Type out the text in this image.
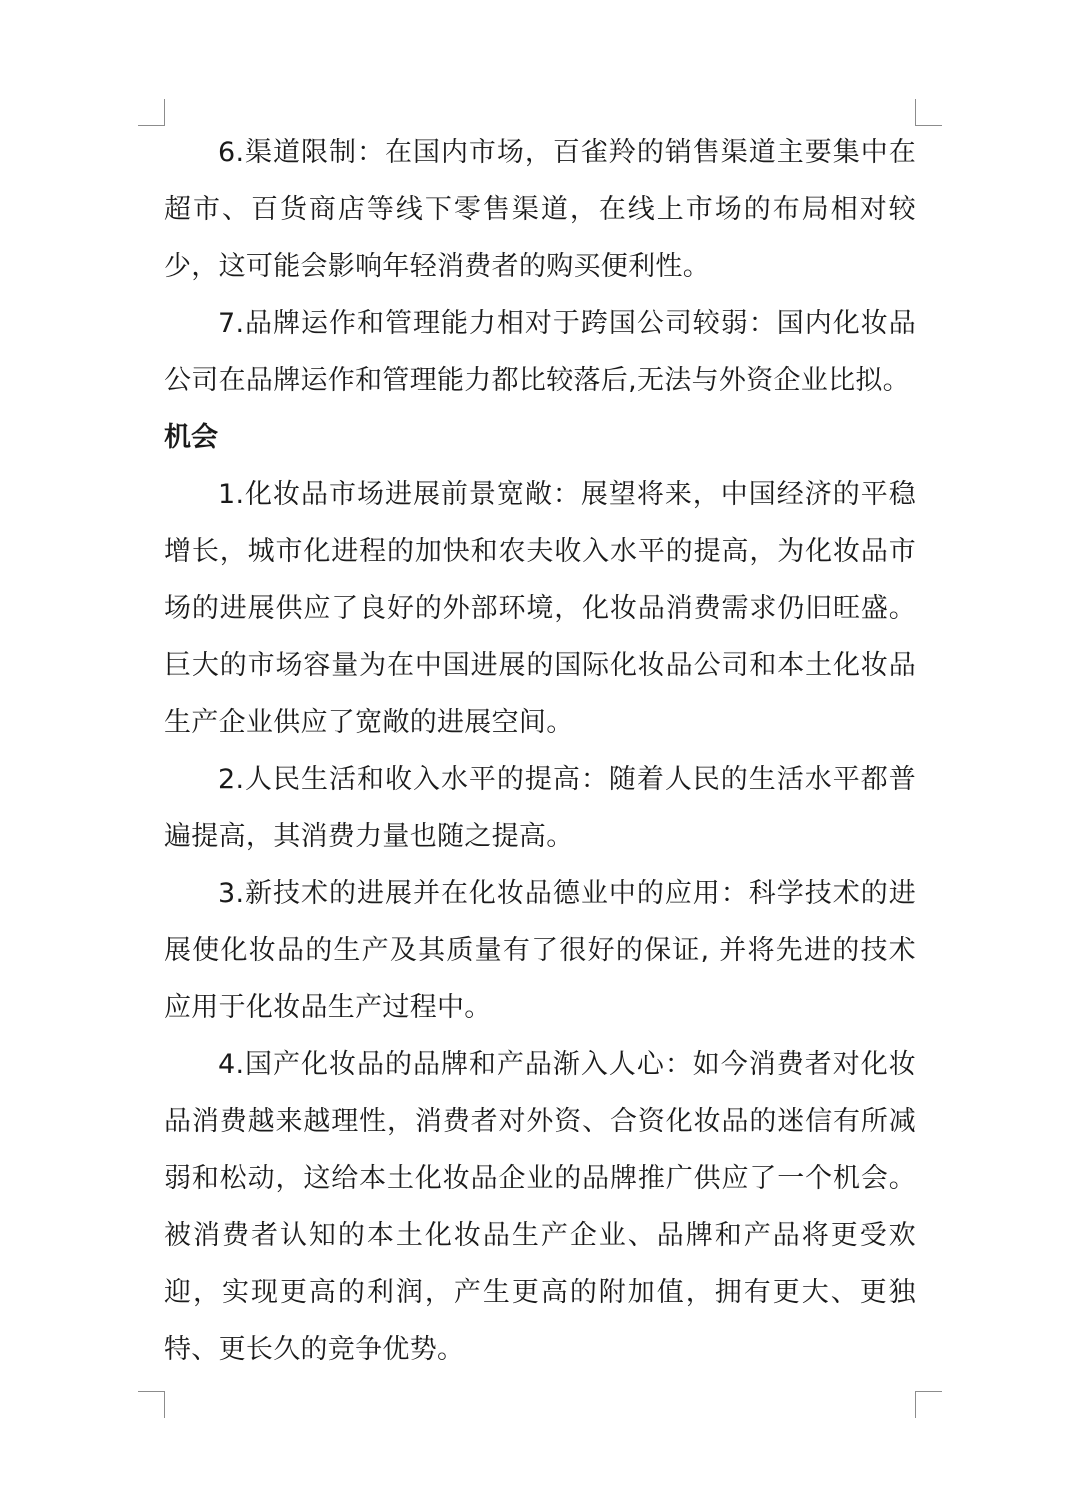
6.渠道限制：在国内市场，百雀羚的销售渠道主要集中在超市、百货商店等线下零售渠道，在线上市场的布局相对较少，这可能会影响年轻消费者的购买便利性。

7.品牌运作和管理能力相对于跨国公司较弱：国内化妆品公司在品牌运作和管理能力都比较落后,无法与外资企业比拟。

机会

1.化妆品市场进展前景宽敞：展望将来，中国经济的平稳增长，城市化进程的加快和农夫收入水平的提高，为化妆品市场的进展供应了良好的外部环境，化妆品消费需求仍旧旺盛。巨大的市场容量为在中国进展的国际化妆品公司和本土化妆品生产企业供应了宽敞的进展空间。

2.人民生活和收入水平的提高：随着人民的生活水平都普遍提高，其消费力量也随之提高。

3.新技术的进展并在化妆品德业中的应用：科学技术的进展使化妆品的生产及其质量有了很好的保证, 并将先进的技术应用于化妆品生产过程中。

4.国产化妆品的品牌和产品渐入人心：如今消费者对化妆品消费越来越理性，消费者对外资、合资化妆品的迷信有所减弱和松动，这给本土化妆品企业的品牌推广供应了一个机会。被消费者认知的本土化妆品生产企业、品牌和产品将更受欢迎，实现更高的利润，产生更高的附加值，拥有更大、更独特、更长久的竞争优势。
